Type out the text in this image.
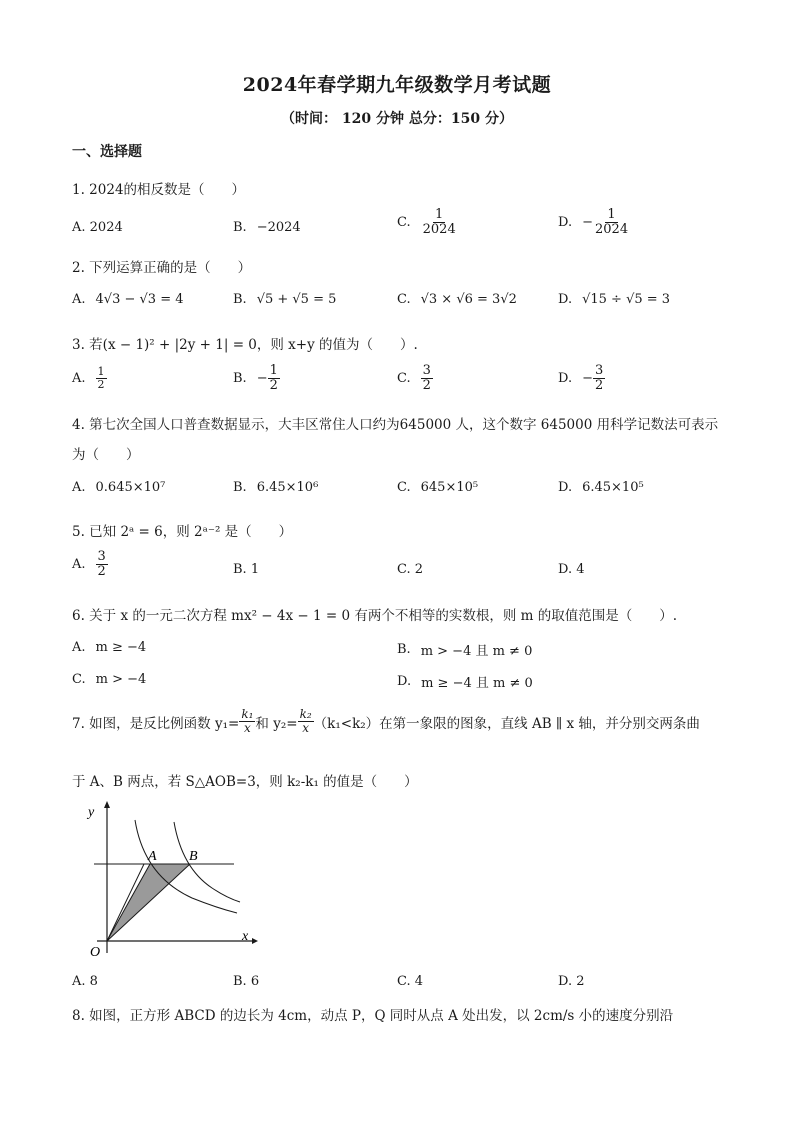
2024年春学期九年级数学月考试题
（时间： 120 分钟 总分：150 分）
一、选择题
1. 2024的相反数是（　　）
A. 2024	B. −2024	C. $\frac{1}{2024}$	D. − $\frac{1}{2024}$
2. 下列运算正确的是（　　）
A. 4√3 − √3 = 4	B. √5 + √5 = 5	C. √3 × √6 = 3√2	D. √15 ÷ √5 = 3
3. 若(x − 1)² + |2y + 1| = 0，则 x+y 的值为（　　）.
A. $\frac{1}{2}$	B. − $\frac{1}{2}$	C. $\frac{3}{2}$	D. − $\frac{3}{2}$
4. 第七次全国人口普查数据显示，大丰区常住人口约为645000 人，这个数字 645000 用科学记数法可表示
为（　　）
A. 0.645×10⁷	B. 6.45×10⁶	C. 645×10⁵	D. 6.45×10⁵
5. 已知 2ᵃ = 6，则 2ᵃ⁻² 是（　　）
A. $\frac{3}{2}$	B. 1	C. 2	D. 4
6. 关于 x 的一元二次方程 mx² − 4x − 1 = 0 有两个不相等的实数根，则 m 的取值范围是（　　）.
A. m ≥ −4	B. m > −4 且 m ≠ 0
C. m > −4	D. m ≥ −4 且 m ≠ 0
7. 如图，是反比例函数 $y_1= \frac{\text{k₁}}{x}$ 和 $y_2= \frac{\text{k₂}}{x} (k_1<k_2)$在第一象限的图象，直线 AB ∥ x 轴，并分别交两条曲
于 A、B 两点，若 S△AOB=3，则 k₂-k₁ 的值是（　　）
y
x
O
A B
A. 8	B. 6	C. 4	D. 2
8. 如图，正方形 ABCD 的边长为 4cm，动点 P，Q 同时从点 A 处出发，以 2cm/s 小的速度分别沿
